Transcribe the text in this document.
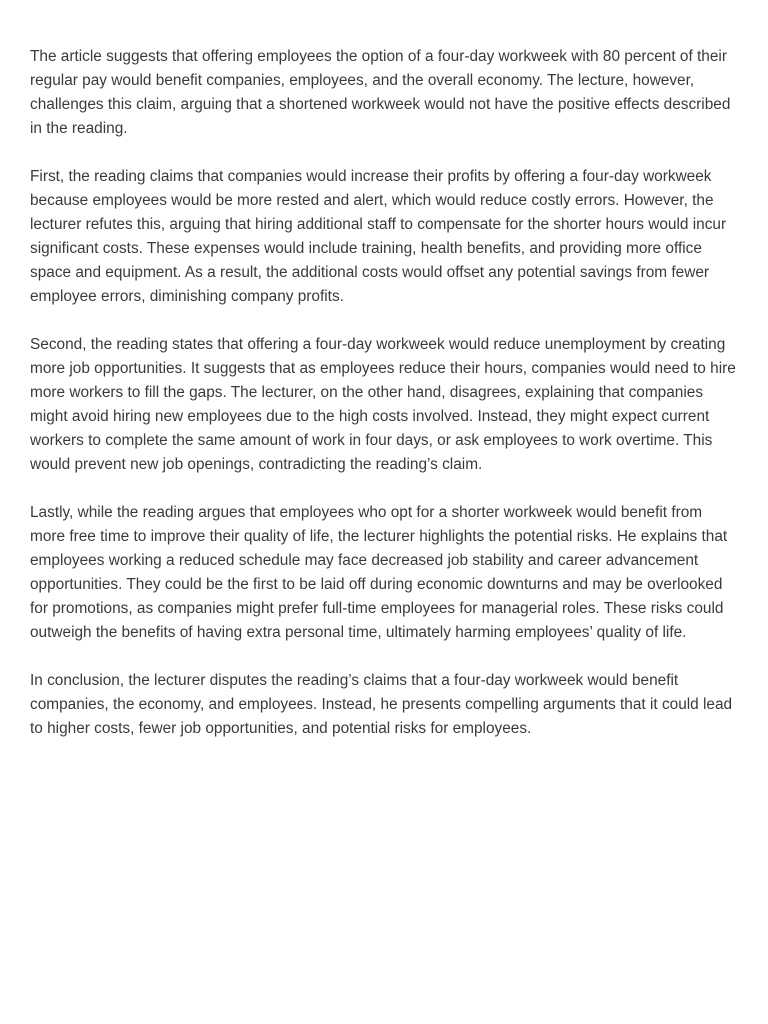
The article suggests that offering employees the option of a four-day workweek with 80 percent of their regular pay would benefit companies, employees, and the overall economy. The lecture, however, challenges this claim, arguing that a shortened workweek would not have the positive effects described in the reading.

First, the reading claims that companies would increase their profits by offering a four-day workweek because employees would be more rested and alert, which would reduce costly errors. However, the lecturer refutes this, arguing that hiring additional staff to compensate for the shorter hours would incur significant costs. These expenses would include training, health benefits, and providing more office space and equipment. As a result, the additional costs would offset any potential savings from fewer employee errors, diminishing company profits.

Second, the reading states that offering a four-day workweek would reduce unemployment by creating more job opportunities. It suggests that as employees reduce their hours, companies would need to hire more workers to fill the gaps. The lecturer, on the other hand, disagrees, explaining that companies might avoid hiring new employees due to the high costs involved. Instead, they might expect current workers to complete the same amount of work in four days, or ask employees to work overtime. This would prevent new job openings, contradicting the reading’s claim.

Lastly, while the reading argues that employees who opt for a shorter workweek would benefit from more free time to improve their quality of life, the lecturer highlights the potential risks. He explains that employees working a reduced schedule may face decreased job stability and career advancement opportunities. They could be the first to be laid off during economic downturns and may be overlooked for promotions, as companies might prefer full-time employees for managerial roles. These risks could outweigh the benefits of having extra personal time, ultimately harming employees’ quality of life.

In conclusion, the lecturer disputes the reading’s claims that a four-day workweek would benefit companies, the economy, and employees. Instead, he presents compelling arguments that it could lead to higher costs, fewer job opportunities, and potential risks for employees.
